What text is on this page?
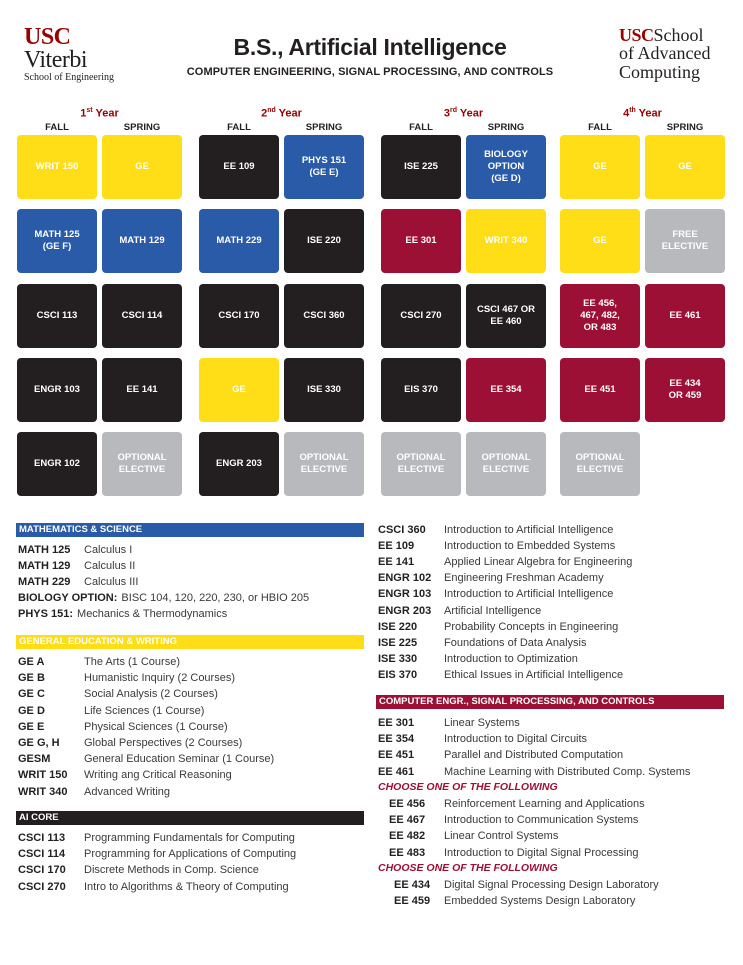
USC
Viterbi
School of Engineering
USCSchool
of Advanced
Computing
B.S., Artificial Intelligence
COMPUTER ENGINEERING, SIGNAL PROCESSING, AND CONTROLS
1st Year
FALL	SPRING
2nd Year
FALL	SPRING
3rd Year
FALL	SPRING
4th Year
FALL	SPRING
WRIT 150
MATH 125
(GE F)
CSCI 113
ENGR 103
ENGR 102
GE
MATH 129
CSCI 114
EE 141
OPTIONAL
ELECTIVE
EE 109
MATH 229
CSCI 170
GE
ENGR 203
PHYS 151
(GE E)
ISE 220
CSCI 360
ISE 330
OPTIONAL
ELECTIVE
ISE 225
EE 301
CSCI 270
EIS 370
OPTIONAL
ELECTIVE
BIOLOGY
OPTION
(GE D)
WRIT 340
CSCI 467 OR
EE 460
EE 354
OPTIONAL
ELECTIVE
GE
GE
EE 456,
467, 482,
OR 483
EE 451
OPTIONAL
ELECTIVE
GE
FREE
ELECTIVE
EE 461
EE 434
OR 459
MATHEMATICS & SCIENCE
MATH 125 Calculus I
MATH 129 Calculus II
MATH 229 Calculus III
BIOLOGY OPTION: BISC 104, 120, 220, 230, or HBIO 205
PHYS 151: Mechanics & Thermodynamics
GENERAL EDUCATION & WRITING
GE A	The Arts (1 Course)
GE B	Humanistic Inquiry (2 Courses)
GE C	Social Analysis (2 Courses)
GE D	Life Sciences (1 Course)
GE E	Physical Sciences (1 Course)
GE G, H Global Perspectives (2 Courses)
GESM	General Education Seminar (1 Course)
WRIT 150 Writing ang Critical Reasoning
WRIT 340 Advanced Writing
AI CORE
CSCI 113 Programming Fundamentals for Computing
CSCI 114 Programming for Applications of Computing
CSCI 170 Discrete Methods in Comp. Science
CSCI 270 Intro to Algorithms & Theory of Computing
CSCI 360 Introduction to Artificial Intelligence
EE 109	Introduction to Embedded Systems
EE 141	Applied Linear Algebra for Engineering
ENGR 102 Engineering Freshman Academy
ENGR 103 Introduction to Artificial Intelligence
ENGR 203 Artificial Intelligence
ISE 220 Probability Concepts in Engineering
ISE 225 Foundations of Data Analysis
ISE 330 Introduction to Optimization
EIS 370 Ethical Issues in Artificial Intelligence
COMPUTER ENGR., SIGNAL PROCESSING, AND CONTROLS
EE 301	Linear Systems
EE 354	Introduction to Digital Circuits
EE 451	Parallel and Distributed Computation
EE 461	Machine Learning with Distributed Comp. Systems
CHOOSE ONE OF THE FOLLOWING
EE 456 Reinforcement Learning and Applications
EE 467 Introduction to Communication Systems
EE 482 Linear Control Systems
EE 483 Introduction to Digital Signal Processing
CHOOSE ONE OF THE FOLLOWING
EE 434 Digital Signal Processing Design Laboratory
EE 459 Embedded Systems Design Laboratory
